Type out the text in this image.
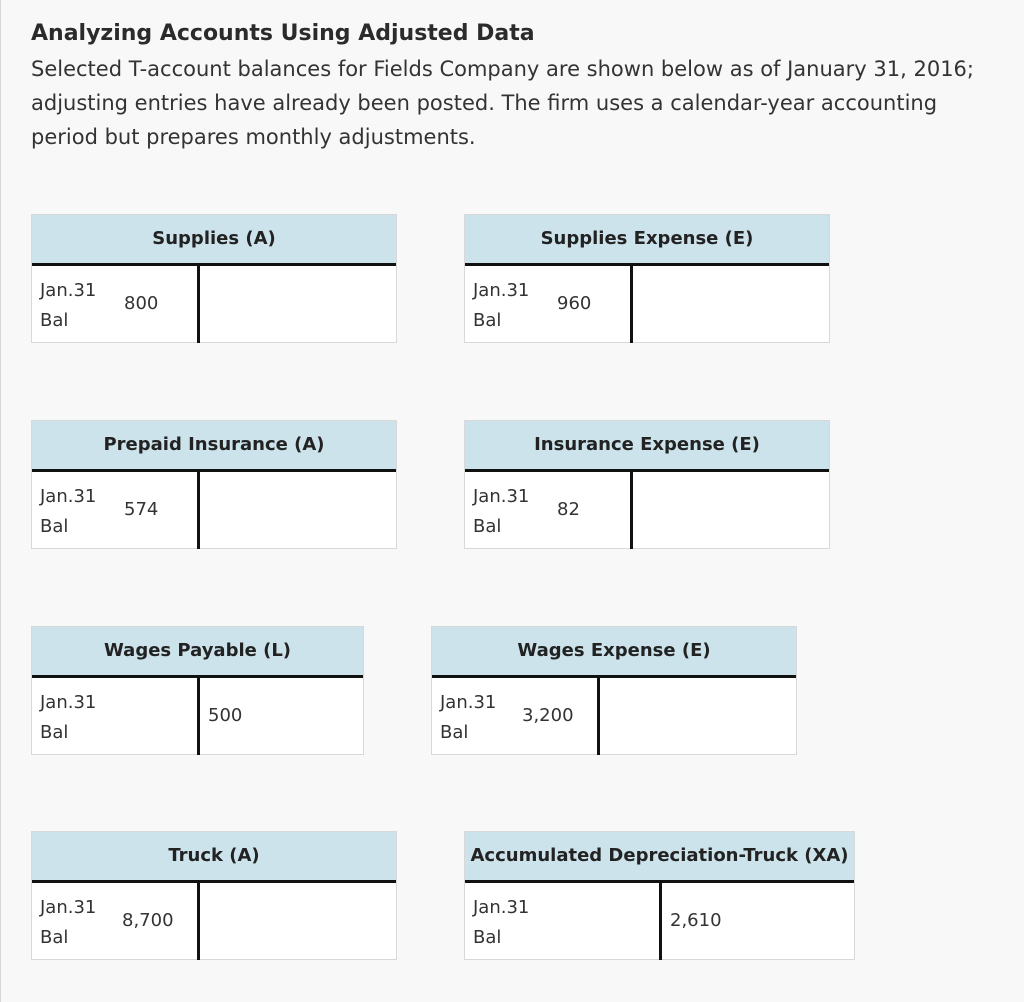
Analyzing Accounts Using Adjusted Data

Selected T-account balances for Fields Company are shown below as of January 31, 2016; adjusting entries have already been posted. The firm uses a calendar-year accounting period but prepares monthly adjustments.

Supplies (A)
Jan.31
Bal
800
Supplies Expense (E)
Jan.31
Bal
960
Prepaid Insurance (A)
Jan.31
Bal
574
Insurance Expense (E)
Jan.31
Bal
82
Wages Payable (L)
Jan.31
Bal
500
Wages Expense (E)
Jan.31
Bal
3,200
Truck (A)
Jan.31
Bal
8,700
Accumulated Depreciation-Truck (XA)
Jan.31
Bal
2,610
